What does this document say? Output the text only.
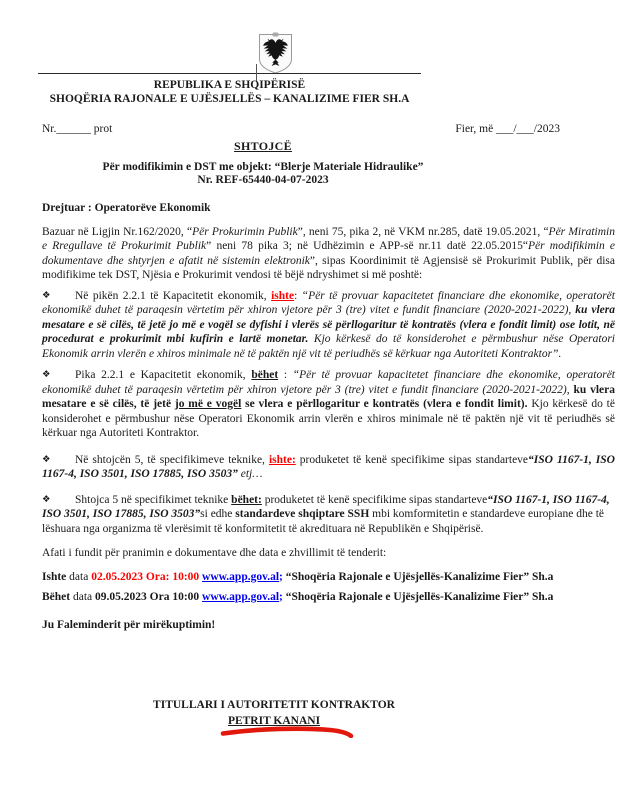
REPUBLIKA E SHQIPËRISË
SHOQËRIA RAJONALE E UJËSJELLËS – KANALIZIME FIER SH.A
Nr.______ prot	Fier, më ___/___/2023
SHTOJCË
Për modifikimin e DST me objekt: “Blerje Materiale Hidraulike”
Nr. REF-65440-04-07-2023

Drejtuar : Operatorëve Ekonomik

Bazuar në Ligjin Nr.162/2020, “Për Prokurimin Publik”, neni 75, pika 2, në VKM nr.285, datë 19.05.2021, “Për Miratimin e Rregullave të Prokurimit Publik” neni 78 pika 3; në Udhëzimin e APP-së nr.11 datë 22.05.2015“Për modifikimin e dokumentave dhe shtyrjen e afatit në sistemin elektronik”, sipas Koordinimit të Agjensisë së Prokurimit Publik, për disa modifikime tek DST, Njësia e Prokurimit vendosi të bëjë ndryshimet si më poshtë:

❖ Në pikën 2.2.1 të Kapacitetit ekonomik, ishte: “Për të provuar kapacitetet financiare dhe ekonomike, operatorët ekonomikë duhet të paraqesin vërtetim për xhiron vjetore për 3 (tre) vitet e fundit financiare (2020-2021-2022), ku vlera mesatare e së cilës, të jetë jo më e vogël se dyfishi i vlerës së përllogaritur të kontratës (vlera e fondit limit) ose lotit, në procedurat e prokurimit mbi kufirin e lartë monetar. Kjo kërkesë do të konsiderohet e përmbushur nëse Operatori Ekonomik arrin vlerën e xhiros minimale në të paktën një vit të periudhës së kërkuar nga Autoriteti Kontraktor”.

❖ Pika 2.2.1 e Kapacitetit ekonomik, bëhet : “Për të provuar kapacitetet financiare dhe ekonomike, operatorët ekonomikë duhet të paraqesin vërtetim për xhiron vjetore për 3 (tre) vitet e fundit financiare (2020-2021-2022), ku vlera mesatare e së cilës, të jetë jo më e vogël se vlera e përllogaritur e kontratës (vlera e fondit limit). Kjo kërkesë do të konsiderohet e përmbushur nëse Operatori Ekonomik arrin vlerën e xhiros minimale në të paktën një vit të periudhës së kërkuar nga Autoriteti Kontraktor.

❖ Në shtojcën 5, të specifikimeve teknike, ishte: produketet të kenë specifikime sipas standarteve“ISO 1167-1, ISO 1167-4, ISO 3501, ISO 17885, ISO 3503” etj…

❖ Shtojca 5 në specifikimet teknike bëhet: produketet të kenë specifikime sipas standarteve“ISO 1167-1, ISO 1167-4, ISO 3501, ISO 17885, ISO 3503”si edhe standardeve shqiptare SSH mbi komformitetin e standardeve europiane dhe të lëshuara nga organizma të vlerësimit të konformitetit të akredituara në Republikën e Shqipërisë.

Afati i fundit për pranimin e dokumentave dhe data e zhvillimit të tenderit:

Ishte data 02.05.2023 Ora: 10:00 www.app.gov.al; “Shoqëria Rajonale e Ujësjellës-Kanalizime Fier” Sh.a

Bëhet data 09.05.2023 Ora 10:00 www.app.gov.al; “Shoqëria Rajonale e Ujësjellës-Kanalizime Fier” Sh.a

Ju Faleminderit për mirëkuptimin!

TITULLARI I AUTORITETIT KONTRAKTOR
PETRIT KANANI
